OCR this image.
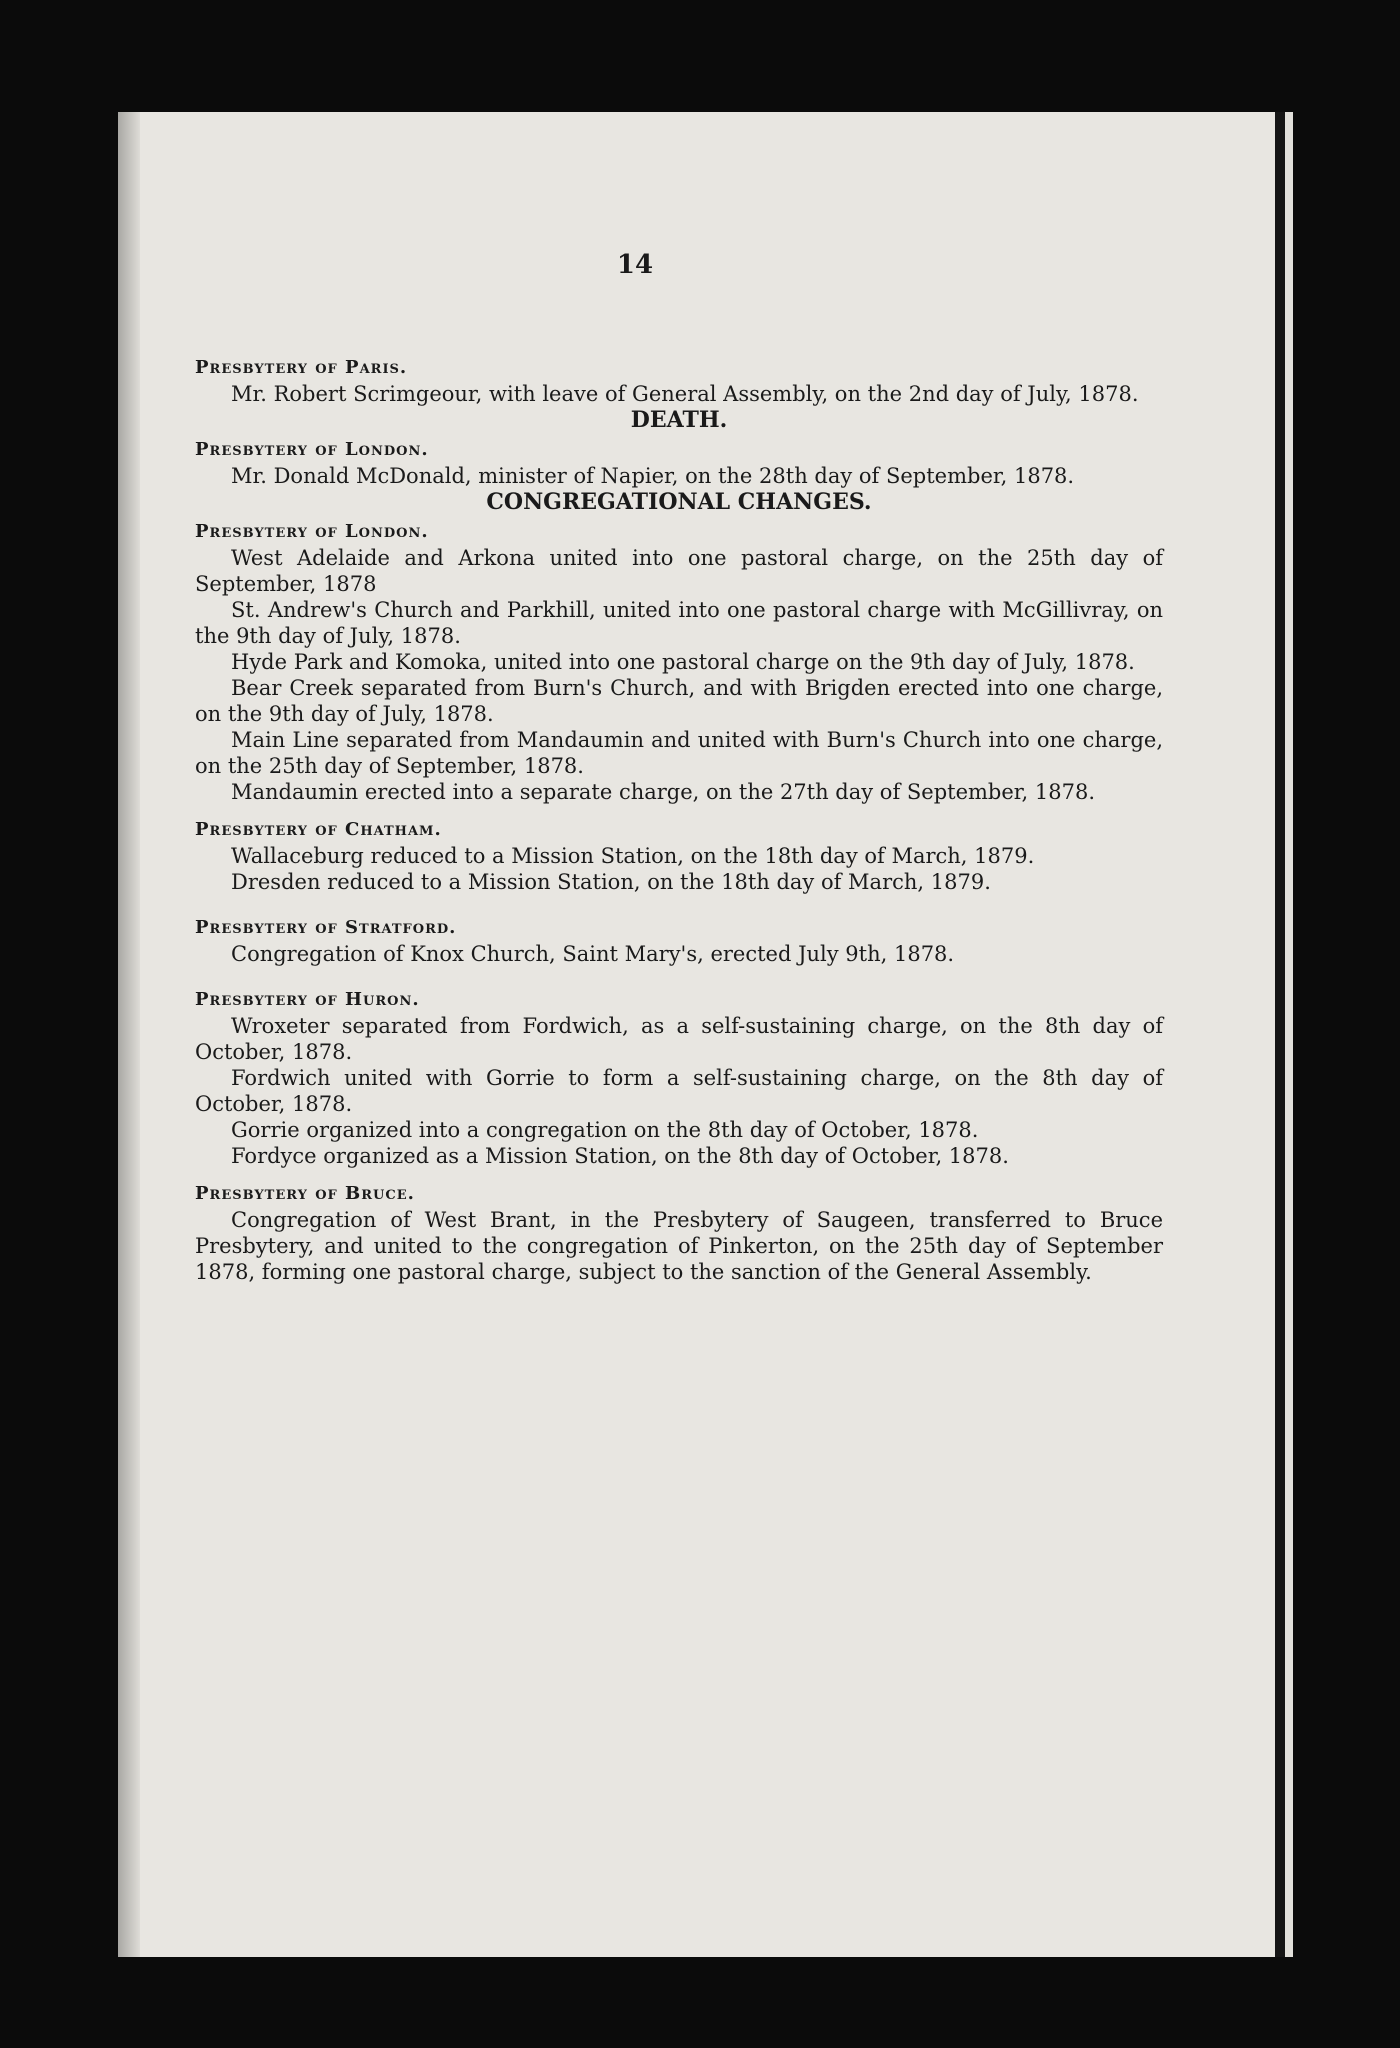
14
Presbytery of Paris.

Mr. Robert Scrimgeour, with leave of General Assembly, on the 2nd day of July, 1878.

DEATH.
Presbytery of London.

Mr. Donald McDonald, minister of Napier, on the 28th day of September, 1878.

CONGREGATIONAL CHANGES.
Presbytery of London.

West Adelaide and Arkona united into one pastoral charge, on the 25th day of September, 1878

St. Andrew's Church and Parkhill, united into one pastoral charge with McGillivray, on the 9th day of July, 1878.

Hyde Park and Komoka, united into one pastoral charge on the 9th day of July, 1878.

Bear Creek separated from Burn's Church, and with Brigden erected into one charge, on the 9th day of July, 1878.

Main Line separated from Mandaumin and united with Burn's Church into one charge, on the 25th day of September, 1878.

Mandaumin erected into a separate charge, on the 27th day of September, 1878.

Presbytery of Chatham.

Wallaceburg reduced to a Mission Station, on the 18th day of March, 1879.

Dresden reduced to a Mission Station, on the 18th day of March, 1879.

Presbytery of Stratford.

Congregation of Knox Church, Saint Mary's, erected July 9th, 1878.

Presbytery of Huron.

Wroxeter separated from Fordwich, as a self-sustaining charge, on the 8th day of October, 1878.

Fordwich united with Gorrie to form a self-sustaining charge, on the 8th day of October, 1878.

Gorrie organized into a congregation on the 8th day of October, 1878.

Fordyce organized as a Mission Station, on the 8th day of October, 1878.

Presbytery of Bruce.

Congregation of West Brant, in the Presbytery of Saugeen, transferred to Bruce Presbytery, and united to the congregation of Pinkerton, on the 25th day of September 1878, forming one pastoral charge, subject to the sanction of the General Assembly.
